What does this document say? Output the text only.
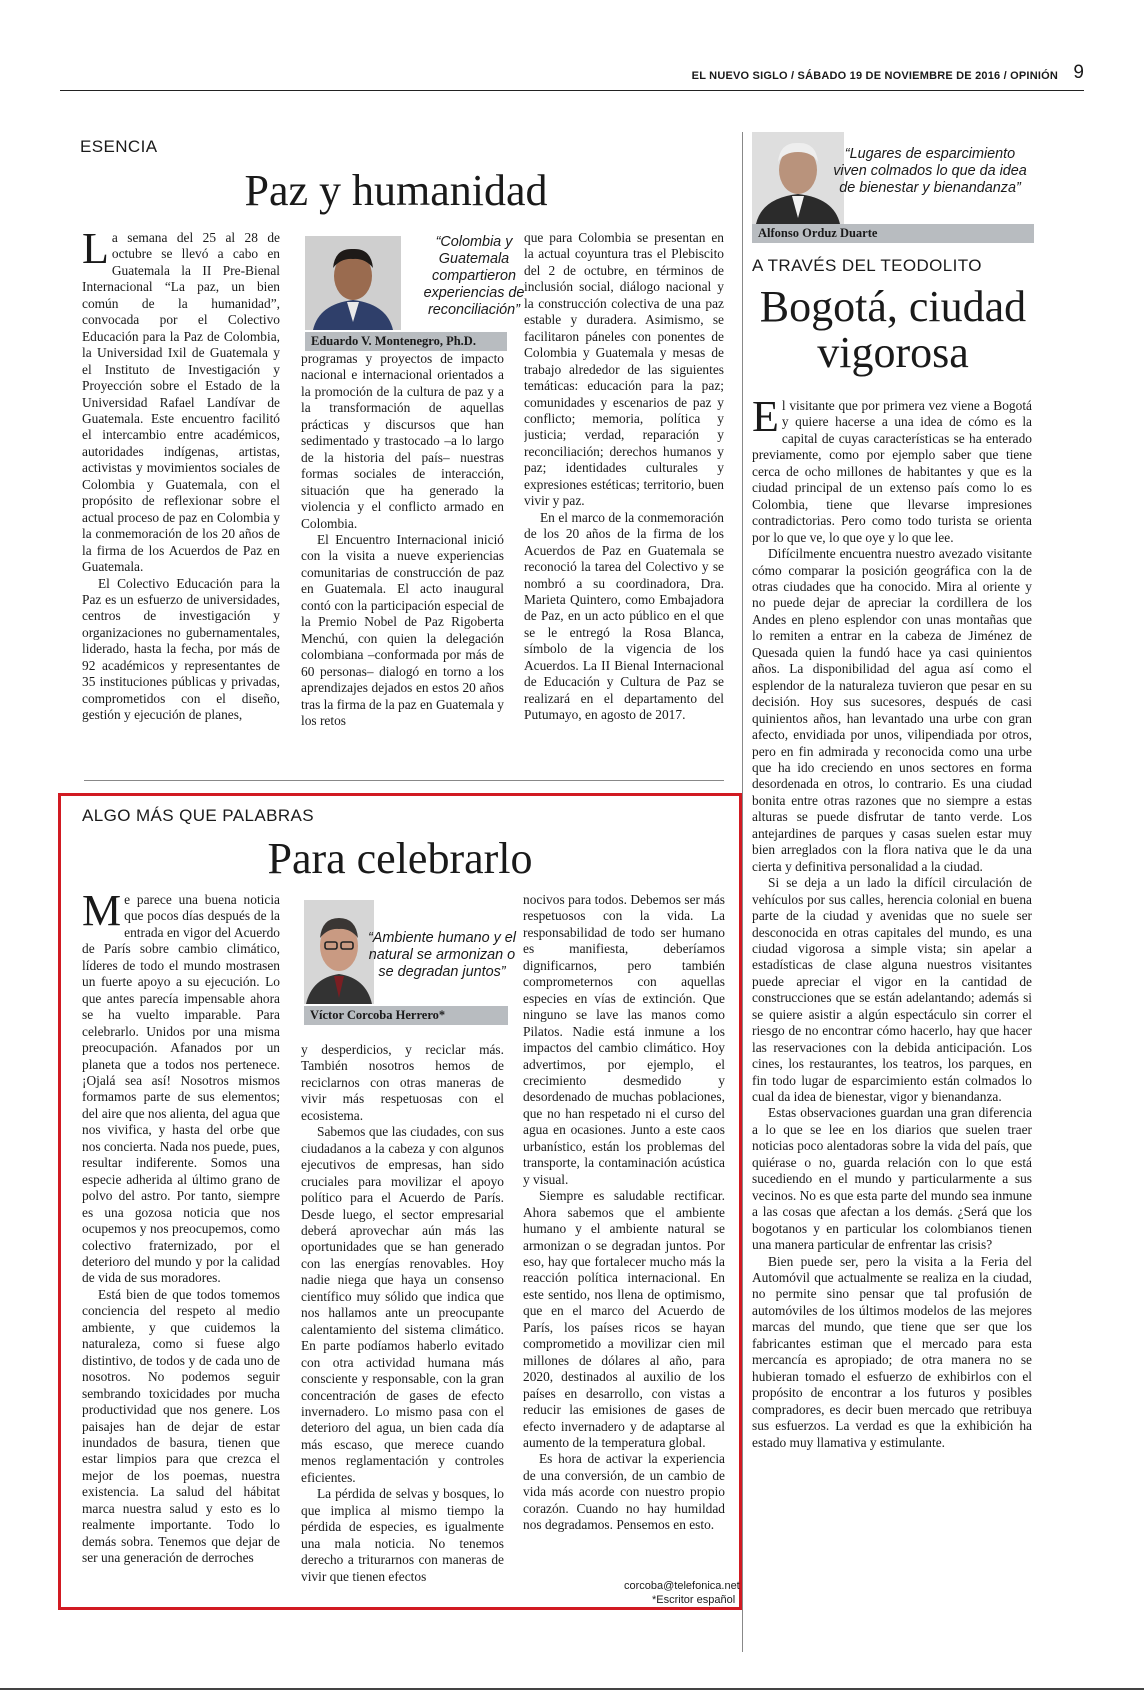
EL NUEVO SIGLO / SÁBADO 19 DE NOVIEMBRE DE 2016 / OPINIÓN 9
ESENCIA
Paz y humanidad
“Colombia y Guatemala compartieron experiencias de reconciliación”
Eduardo V. Montenegro, Ph.D.
L a semana del 25 al 28 de octubre se llevó a cabo en Guatemala la II Pre-Bienal Internacional “La paz, un bien común de la humanidad”, convocada por el Colectivo Educación para la Paz de Colombia, la Universidad Ixil de Guatemala y el Instituto de Investigación y Proyección sobre el Estado de la Universidad Rafael Landívar de Guatemala. Este encuentro facilitó el intercambio entre académicos, autoridades indígenas, artistas, activistas y movimientos sociales de Colombia y Guatemala, con el propósito de reflexionar sobre el actual proceso de paz en Colombia y la conmemoración de los 20 años de la firma de los Acuerdos de Paz en Guatemala.

El Colectivo Educación para la Paz es un esfuerzo de universidades, centros de investigación y organizaciones no gubernamentales, liderado, hasta la fecha, por más de 92 académicos y representantes de 35 instituciones públicas y privadas, comprometidos con el diseño, gestión y ejecución de planes,

programas y proyectos de impacto nacional e internacional orientados a la promoción de la cultura de paz y a la transformación de aquellas prácticas y discursos que han sedimentado y trastocado –a lo largo de la historia del país– nuestras formas sociales de interacción, situación que ha generado la violencia y el conflicto armado en Colombia.

El Encuentro Internacional inició con la visita a nueve experiencias comunitarias de construcción de paz en Guatemala. El acto inaugural contó con la participación especial de la Premio Nobel de Paz Rigoberta Menchú, con quien la delegación colombiana –conformada por más de 60 personas– dialogó en torno a los aprendizajes dejados en estos 20 años tras la firma de la paz en Guatemala y los retos

que para Colombia se presentan en la actual coyuntura tras el Plebiscito del 2 de octubre, en términos de inclusión social, diálogo nacional y la construcción colectiva de una paz estable y duradera. Asimismo, se facilitaron páneles con ponentes de Colombia y Guatemala y mesas de trabajo alrededor de las siguientes temáticas: educación para la paz; comunidades y escenarios de paz y conflicto; memoria, política y justicia; verdad, reparación y reconciliación; derechos humanos y paz; identidades culturales y expresiones estéticas; territorio, buen vivir y paz.

En el marco de la conmemoración de los 20 años de la firma de los Acuerdos de Paz en Guatemala se reconoció la tarea del Colectivo y se nombró a su coordinadora, Dra. Marieta Quintero, como Embajadora de Paz, en un acto público en el que se le entregó la Rosa Blanca, símbolo de la vigencia de los Acuerdos. La II Bienal Internacional de Educación y Cultura de Paz se realizará en el departamento del Putumayo, en agosto de 2017.

ALGO MÁS QUE PALABRAS
Para celebrarlo
“Ambiente humano y el natural se armonizan o se degradan juntos”
Víctor Corcoba Herrero*
M e parece una buena noticia que pocos días después de la entrada en vigor del Acuerdo de París sobre cambio climático, líderes de todo el mundo mostrasen un fuerte apoyo a su ejecución. Lo que antes parecía impensable ahora se ha vuelto imparable. Para celebrarlo. Unidos por una misma preocupación. Afanados por un planeta que a todos nos pertenece. ¡Ojalá sea así! Nosotros mismos formamos parte de sus elementos; del aire que nos alienta, del agua que nos vivifica, y hasta del orbe que nos concierta. Nada nos puede, pues, resultar indiferente. Somos una especie adherida al último grano de polvo del astro. Por tanto, siempre es una gozosa noticia que nos ocupemos y nos preocupemos, como colectivo fraternizado, por el deterioro del mundo y por la calidad de vida de sus moradores.

Está bien de que todos tomemos conciencia del respeto al medio ambiente, y que cuidemos la naturaleza, como si fuese algo distintivo, de todos y de cada uno de nosotros. No podemos seguir sembrando toxicidades por mucha productividad que nos genere. Los paisajes han de dejar de estar inundados de basura, tienen que estar limpios para que crezca el mejor de los poemas, nuestra existencia. La salud del hábitat marca nuestra salud y esto es lo realmente importante. Todo lo demás sobra. Tenemos que dejar de ser una generación de derroches

y desperdicios, y reciclar más. También nosotros hemos de reciclarnos con otras maneras de vivir más respetuosas con el ecosistema.

Sabemos que las ciudades, con sus ciudadanos a la cabeza y con algunos ejecutivos de empresas, han sido cruciales para movilizar el apoyo político para el Acuerdo de París. Desde luego, el sector empresarial deberá aprovechar aún más las oportunidades que se han generado con las energías renovables. Hoy nadie niega que haya un consenso científico muy sólido que indica que nos hallamos ante un preocupante calentamiento del sistema climático. En parte podíamos haberlo evitado con otra actividad humana más consciente y responsable, con la gran concentración de gases de efecto invernadero. Lo mismo pasa con el deterioro del agua, un bien cada día más escaso, que merece cuando menos reglamentación y controles eficientes.

La pérdida de selvas y bosques, lo que implica al mismo tiempo la pérdida de especies, es igualmente una mala noticia. No tenemos derecho a triturarnos con maneras de vivir que tienen efectos

nocivos para todos. Debemos ser más respetuosos con la vida. La responsabilidad de todo ser humano es manifiesta, deberíamos dignificarnos, pero también comprometernos con aquellas especies en vías de extinción. Que ninguno se lave las manos como Pilatos. Nadie está inmune a los impactos del cambio climático. Hoy advertimos, por ejemplo, el crecimiento desmedido y desordenado de muchas poblaciones, que no han respetado ni el curso del agua en ocasiones. Junto a este caos urbanístico, están los problemas del transporte, la contaminación acústica y visual.

Siempre es saludable rectificar. Ahora sabemos que el ambiente humano y el ambiente natural se armonizan o se degradan juntos. Por eso, hay que fortalecer mucho más la reacción política internacional. En este sentido, nos llena de optimismo, que en el marco del Acuerdo de París, los países ricos se hayan comprometido a movilizar cien mil millones de dólares al año, para 2020, destinados al auxilio de los países en desarrollo, con vistas a reducir las emisiones de gases de efecto invernadero y de adaptarse al aumento de la temperatura global.

Es hora de activar la experiencia de una conversión, de un cambio de vida más acorde con nuestro propio corazón. Cuando no hay humildad nos degradamos. Pensemos en esto.

corcoba@telefonica.net
*Escritor español
“Lugares de esparcimiento viven colmados lo que da idea de bienestar y bienandanza”
Alfonso Orduz Duarte
A TRAVÉS DEL TEODOLITO
Bogotá, ciudad vigorosa
E l visitante que por primera vez viene a Bogotá y quiere hacerse a una idea de cómo es la capital de cuyas características se ha enterado previamente, como por ejemplo saber que tiene cerca de ocho millones de habitantes y que es la ciudad principal de un extenso país como lo es Colombia, tiene que llevarse impresiones contradictorias. Pero como todo turista se orienta por lo que ve, lo que oye y lo que lee.

Difícilmente encuentra nuestro avezado visitante cómo comparar la posición geográfica con la de otras ciudades que ha conocido. Mira al oriente y no puede dejar de apreciar la cordillera de los Andes en pleno esplendor con unas montañas que lo remiten a entrar en la cabeza de Jiménez de Quesada quien la fundó hace ya casi quinientos años. La disponibilidad del agua así como el esplendor de la naturaleza tuvieron que pesar en su decisión. Hoy sus sucesores, después de casi quinientos años, han levantado una urbe con gran afecto, envidiada por unos, vilipendiada por otros, pero en fin admirada y reconocida como una urbe que ha ido creciendo en unos sectores en forma desordenada en otros, lo contrario. Es una ciudad bonita entre otras razones que no siempre a estas alturas se puede disfrutar de tanto verde. Los antejardines de parques y casas suelen estar muy bien arreglados con la flora nativa que le da una cierta y definitiva personalidad a la ciudad.

Si se deja a un lado la difícil circulación de vehículos por sus calles, herencia colonial en buena parte de la ciudad y avenidas que no suele ser desconocida en otras capitales del mundo, es una ciudad vigorosa a simple vista; sin apelar a estadísticas de clase alguna nuestros visitantes puede apreciar el vigor en la cantidad de construcciones que se están adelantando; además si se quiere asistir a algún espectáculo sin correr el riesgo de no encontrar cómo hacerlo, hay que hacer las reservaciones con la debida anticipación. Los cines, los restaurantes, los teatros, los parques, en fin todo lugar de esparcimiento están colmados lo cual da idea de bienestar, vigor y bienandanza.

Estas observaciones guardan una gran diferencia a lo que se lee en los diarios que suelen traer noticias poco alentadoras sobre la vida del país, que quiérase o no, guarda relación con lo que está sucediendo en el mundo y particularmente a sus vecinos. No es que esta parte del mundo sea inmune a las cosas que afectan a los demás. ¿Será que los bogotanos y en particular los colombianos tienen una manera particular de enfrentar las crisis?

Bien puede ser, pero la visita a la Feria del Automóvil que actualmente se realiza en la ciudad, no permite sino pensar que tal profusión de automóviles de los últimos modelos de las mejores marcas del mundo, que tiene que ser que los fabricantes estiman que el mercado para esta mercancía es apropiado; de otra manera no se hubieran tomado el esfuerzo de exhibirlos con el propósito de encontrar a los futuros y posibles compradores, es decir buen mercado que retribuya sus esfuerzos. La verdad es que la exhibición ha estado muy llamativa y estimulante.
